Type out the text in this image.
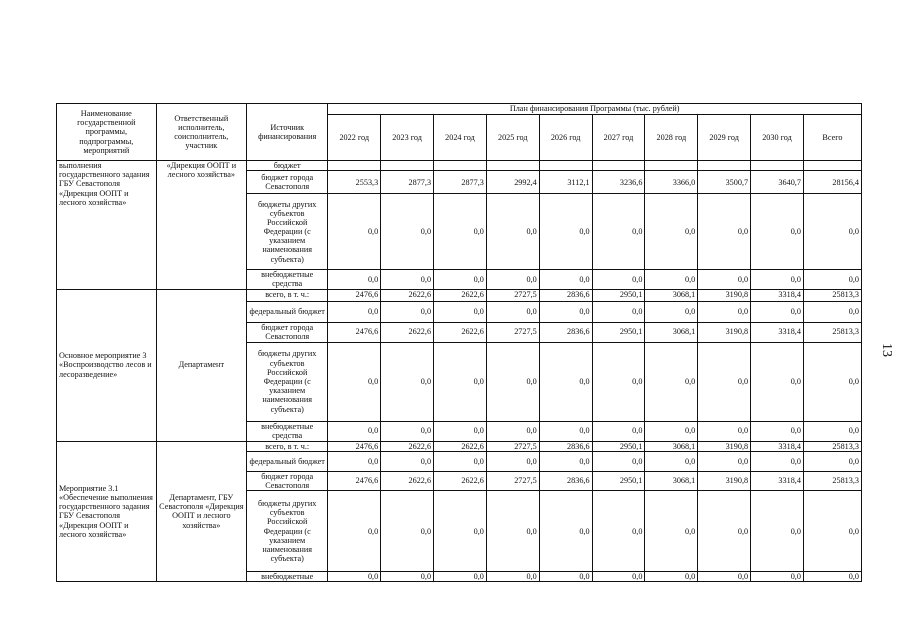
Наименование государственной программы, подпрограммы, мероприятий	Ответственный исполнитель, соисполнитель, участник	Источник финансирования	План финансирования Программы (тыс. рублей)									
			2022 год	2023 год	2024 год	2025 год	2026 год	2027 год	2028 год	2029 год	2030 год	Всего
выполнения государственного задания ГБУ Севастополя «Дирекция ООПТ и лесного хозяйства»	«Дирекция ООПТ и лесного хозяйства»	бюджет										
		бюджет города Севастополя	2553,3	2877,3	2877,3	2992,4	3112,1	3236,6	3366,0	3500,7	3640,7	28156,4
		бюджеты других субъектов Российской Федерации (с указанием наименования субъекта)	0,0	0,0	0,0	0,0	0,0	0,0	0,0	0,0	0,0	0,0
		внебюджетные средства	0,0	0,0	0,0	0,0	0,0	0,0	0,0	0,0	0,0	0,0
Основное мероприятие 3 «Воспроизводство лесов и лесоразведение»	Департамент	всего, в т. ч.:	2476,6	2622,6	2622,6	2727,5	2836,6	2950,1	3068,1	3190,8	3318,4	25813,3
		федеральный бюджет	0,0	0,0	0,0	0,0	0,0	0,0	0,0	0,0	0,0	0,0
		бюджет города Севастополя	2476,6	2622,6	2622,6	2727,5	2836,6	2950,1	3068,1	3190,8	3318,4	25813,3
		бюджеты других субъектов Российской Федерации (с указанием наименования субъекта)	0,0	0,0	0,0	0,0	0,0	0,0	0,0	0,0	0,0	0,0
		внебюджетные средства	0,0	0,0	0,0	0,0	0,0	0,0	0,0	0,0	0,0	0,0
Мероприятие 3.1 «Обеспечение выполнения государственного задания ГБУ Севастополя «Дирекция ООПТ и лесного хозяйства»	Департамент, ГБУ Севастополя «Дирекция ООПТ и лесного хозяйства»	всего, в т. ч.:	2476,6	2622,6	2622,6	2727,5	2836,6	2950,1	3068,1	3190,8	3318,4	25813,3
		федеральный бюджет	0,0	0,0	0,0	0,0	0,0	0,0	0,0	0,0	0,0	0,0
		бюджет города Севастополя	2476,6	2622,6	2622,6	2727,5	2836,6	2950,1	3068,1	3190,8	3318,4	25813,3
		бюджеты других субъектов Российской Федерации (с указанием наименования субъекта)	0,0	0,0	0,0	0,0	0,0	0,0	0,0	0,0	0,0	0,0
		внебюджетные	0,0	0,0	0,0	0,0	0,0	0,0	0,0	0,0	0,0	0,0
13
